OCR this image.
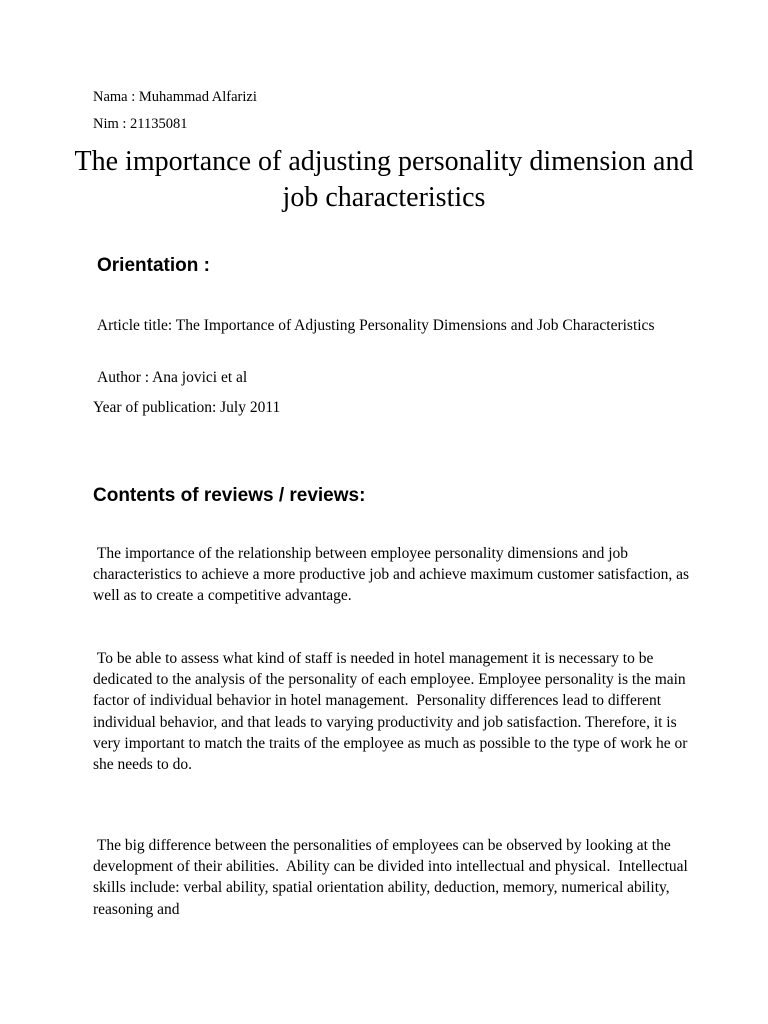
Nama : Muhammad Alfarizi
Nim : 21135081
The importance of adjusting personality dimension and job characteristics
Orientation :

Article title: The Importance of Adjusting Personality Dimensions and Job Characteristics

Author : Ana jovici et al

Year of publication: July 2011

Contents of reviews / reviews:

The importance of the relationship between employee personality dimensions and job characteristics to achieve a more productive job and achieve maximum customer satisfaction, as well as to create a competitive advantage.

To be able to assess what kind of staff is needed in hotel management it is necessary to be dedicated to the analysis of the personality of each employee. Employee personality is the main factor of individual behavior in hotel management.  Personality differences lead to different individual behavior, and that leads to varying productivity and job satisfaction. Therefore, it is very important to match the traits of the employee as much as possible to the type of work he or she needs to do.

The big difference between the personalities of employees can be observed by looking at the development of their abilities.  Ability can be divided into intellectual and physical.  Intellectual skills include: verbal ability, spatial orientation ability, deduction, memory, numerical ability, reasoning and
